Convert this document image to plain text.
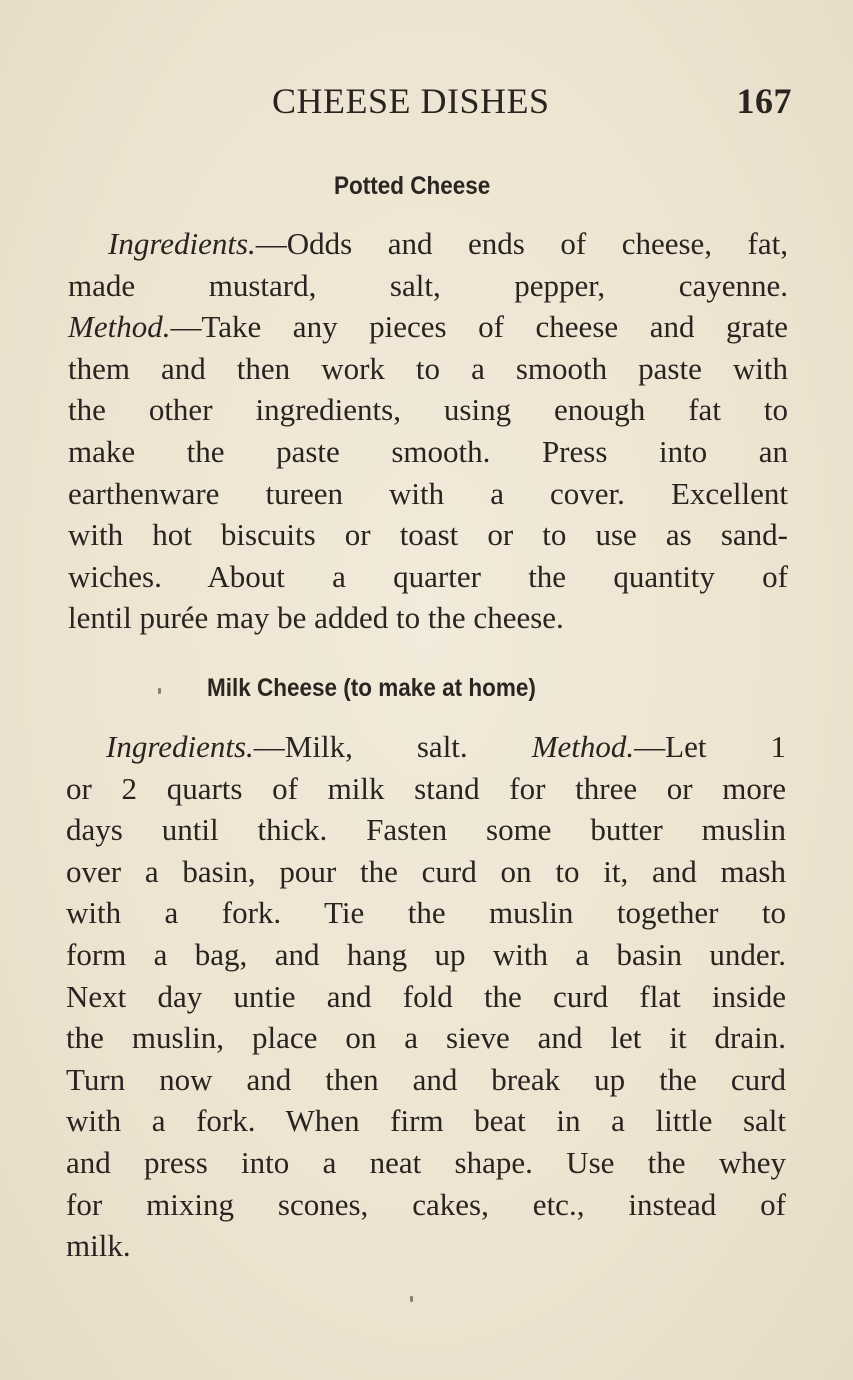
CHEESE DISHES	167
Potted Cheese
Ingredients.—Odds and ends of cheese, fat,
made mustard, salt, pepper, cayenne.
Method.—Take any pieces of cheese and grate
them and then work to a smooth paste with
the other ingredients, using enough fat to
make the paste smooth. Press into an
earthenware tureen with a cover. Excellent
with hot biscuits or toast or to use as sand-
wiches. About a quarter the quantity of
lentil purée may be added to the cheese.
Milk Cheese (to make at home)
Ingredients.—Milk, salt. Method.—Let 1
or 2 quarts of milk stand for three or more
days until thick. Fasten some butter muslin
over a basin, pour the curd on to it, and mash
with a fork. Tie the muslin together to
form a bag, and hang up with a basin under.
Next day untie and fold the curd flat inside
the muslin, place on a sieve and let it drain.
Turn now and then and break up the curd
with a fork. When firm beat in a little salt
and press into a neat shape. Use the whey
for mixing scones, cakes, etc., instead of
milk.
